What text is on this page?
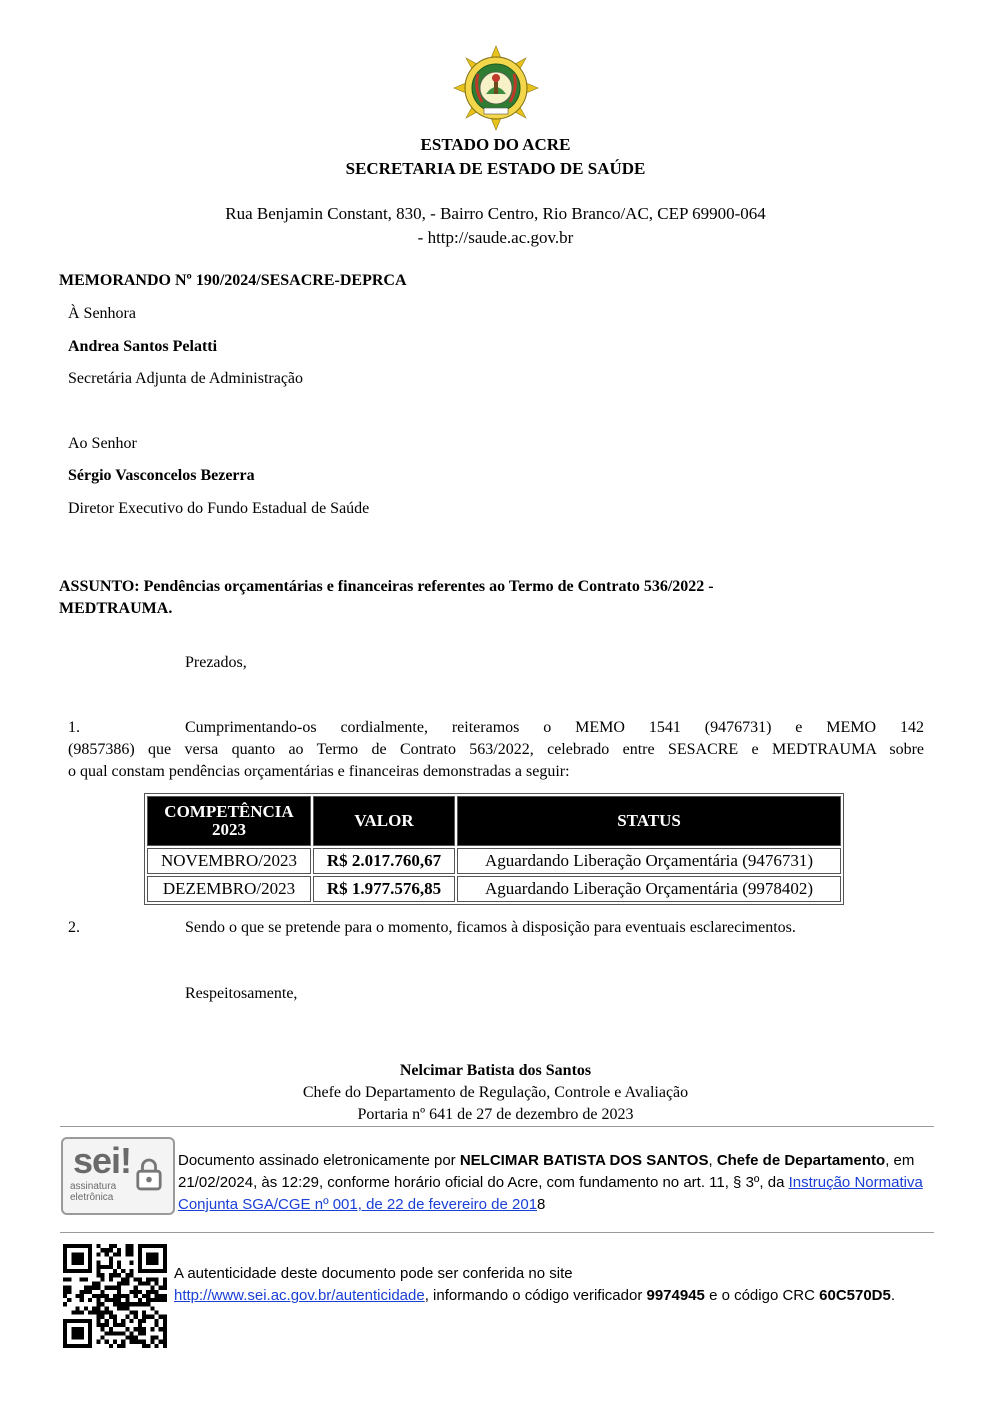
ESTADO DO ACRE
SECRETARIA DE ESTADO DE SAÚDE
Rua Benjamin Constant, 830, - Bairro Centro, Rio Branco/AC, CEP 69900-064
- http://saude.ac.gov.br
MEMORANDO Nº 190/2024/SESACRE-DEPRCA
À Senhora
Andrea Santos Pelatti
Secretária Adjunta de Administração
Ao Senhor
Sérgio Vasconcelos Bezerra
Diretor Executivo do Fundo Estadual de Saúde
ASSUNTO: Pendências orçamentárias e financeiras referentes ao Termo de Contrato 536/2022 -
MEDTRAUMA.
Prezados,
1.	Cumprimentando-os cordialmente, reiteramos o MEMO 1541 (9476731) e MEMO 142
(9857386) que versa quanto ao Termo de Contrato 563/2022, celebrado entre SESACRE e MEDTRAUMA sobre
o qual constam pendências orçamentárias e financeiras demonstradas a seguir:
COMPETÊNCIA 2023	VALOR	STATUS
NOVEMBRO/2023	R$ 2.017.760,67	Aguardando Liberação Orçamentária (9476731)
DEZEMBRO/2023	R$ 1.977.576,85	Aguardando Liberação Orçamentária (9978402)
2.	Sendo o que se pretende para o momento, ficamos à disposição para eventuais esclarecimentos.
Respeitosamente,
Nelcimar Batista dos Santos
Chefe do Departamento de Regulação, Controle e Avaliação
Portaria nº 641 de 27 de dezembro de 2023
sei!
assinatura
eletrônica
Documento assinado eletronicamente por NELCIMAR BATISTA DOS SANTOS, Chefe de Departamento, em 21/02/2024, às 12:29, conforme horário oficial do Acre, com fundamento no art. 11, § 3º, da Instrução Normativa Conjunta SGA/CGE nº 001, de 22 de fevereiro de 2018
A autenticidade deste documento pode ser conferida no site
http://www.sei.ac.gov.br/autenticidade, informando o código verificador 9974945 e o código CRC 60C570D5.
